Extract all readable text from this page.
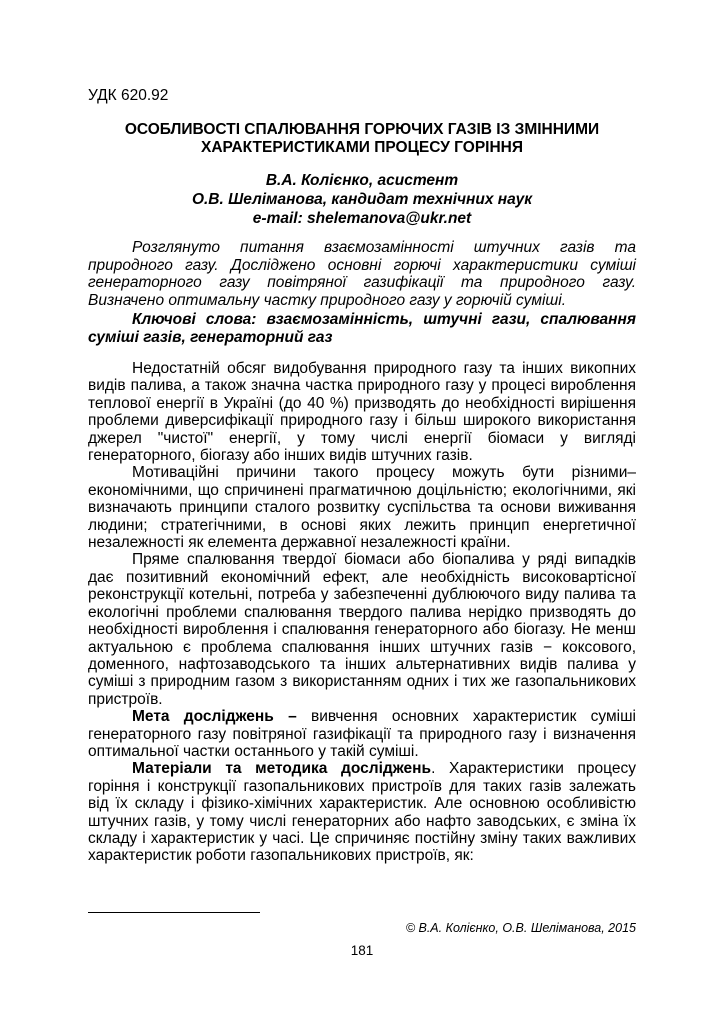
УДК 620.92
ОСОБЛИВОСТІ СПАЛЮВАННЯ ГОРЮЧИХ ГАЗІВ ІЗ ЗМІННИМИ
ХАРАКТЕРИСТИКАМИ ПРОЦЕСУ ГОРІННЯ
В.А. Колієнко, асистент
О.В. Шеліманова, кандидат технічних наук
e-mail: shelemanova@ukr.net

Розглянуто питання взаємозамінності штучних газів та природного газу. Досліджено основні горючі характеристики суміші генераторного газу повітряної газифікації та природного газу. Визначено оптимальну частку природного газу у горючій суміші.

Ключові слова: взаємозамінність, штучні гази, спалювання суміші газів, генераторний газ

Недостатній обсяг видобування природного газу та інших викопних видів палива, а також значна частка природного газу у процесі вироблення теплової енергії в Україні (до 40 %) призводять до необхідності вирішення проблеми диверсифікації природного газу і більш широкого використання джерел "чистої" енергії, у тому числі енергії біомаси у вигляді генераторного, біогазу або інших видів штучних газів.

Мотиваційні причини такого процесу можуть бути різними– економічними, що спричинені прагматичною доцільністю; екологічними, які визначають принципи сталого розвитку суспільства та основи виживання людини; стратегічними, в основі яких лежить принцип енергетичної незалежності як елемента державної незалежності країни.

Пряме спалювання твердої біомаси або біопалива у ряді випадків дає позитивний економічний ефект, але необхідність високовартісної реконструкції котельні, потреба у забезпеченні дублюючого виду палива та екологічні проблеми спалювання твердого палива нерідко призводять до необхідності вироблення і спалювання генераторного або біогазу. Не менш актуальною є проблема спалювання інших штучних газів − коксового, доменного, нафтозаводського та інших альтернативних видів палива у суміші з природним газом з використанням одних і тих же газопальникових пристроїв.

Мета досліджень – вивчення основних характеристик суміші генераторного газу повітряної газифікації та природного газу і визначення оптимальної частки останнього у такій суміші.

Матеріали та методика досліджень. Характеристики процесу горіння і конструкції газопальникових пристроїв для таких газів залежать від їх складу і фізико-хімічних характеристик. Але основною особливістю штучних газів, у тому числі генераторних або нафто заводських, є зміна їх складу і характеристик у часі. Це спричиняє постійну зміну таких важливих характеристик роботи газопальникових пристроїв, як:

© В.А. Колієнко, О.В. Шеліманова, 2015
181
